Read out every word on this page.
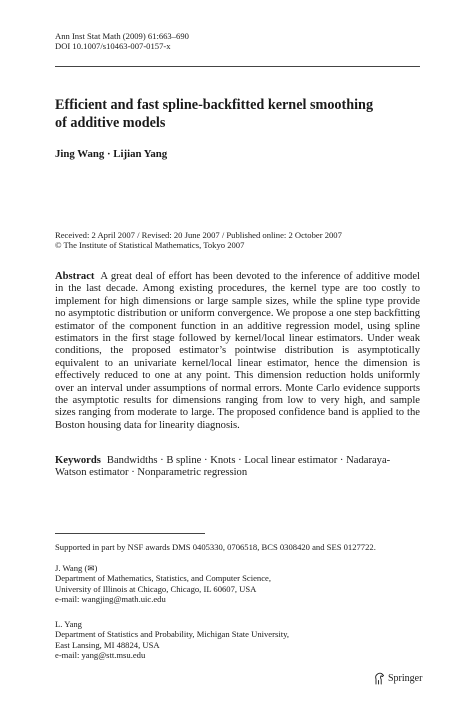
Ann Inst Stat Math (2009) 61:663–690
DOI 10.1007/s10463-007-0157-x
Efficient and fast spline-backfitted kernel smoothing
of additive models
Jing Wang · Lijian Yang
Received: 2 April 2007 / Revised: 20 June 2007 / Published online: 2 October 2007
© The Institute of Statistical Mathematics, Tokyo 2007
Abstract A great deal of effort has been devoted to the inference of additive model in the last decade. Among existing procedures, the kernel type are too costly to implement for high dimensions or large sample sizes, while the spline type provide no asymptotic distribution or uniform convergence. We propose a one step backfitting estimator of the component function in an additive regression model, using spline estimators in the first stage followed by kernel/local linear estimators. Under weak conditions, the proposed estimator’s pointwise distribution is asymptotically equivalent to an univariate kernel/local linear estimator, hence the dimension is effectively reduced to one at any point. This dimension reduction holds uniformly over an interval under assumptions of normal errors. Monte Carlo evidence supports the asymptotic results for dimensions ranging from low to very high, and sample sizes ranging from moderate to large. The proposed confidence band is applied to the Boston housing data for linearity diagnosis.
Keywords Bandwidths · B spline · Knots · Local linear estimator · Nadaraya-Watson estimator · Nonparametric regression
Supported in part by NSF awards DMS 0405330, 0706518, BCS 0308420 and SES 0127722.
J. Wang (✉)
Department of Mathematics, Statistics, and Computer Science,
University of Illinois at Chicago, Chicago, IL 60607, USA
e-mail: wangjing@math.uic.edu
L. Yang
Department of Statistics and Probability, Michigan State University,
East Lansing, MI 48824, USA
e-mail: yang@stt.msu.edu
Springer
